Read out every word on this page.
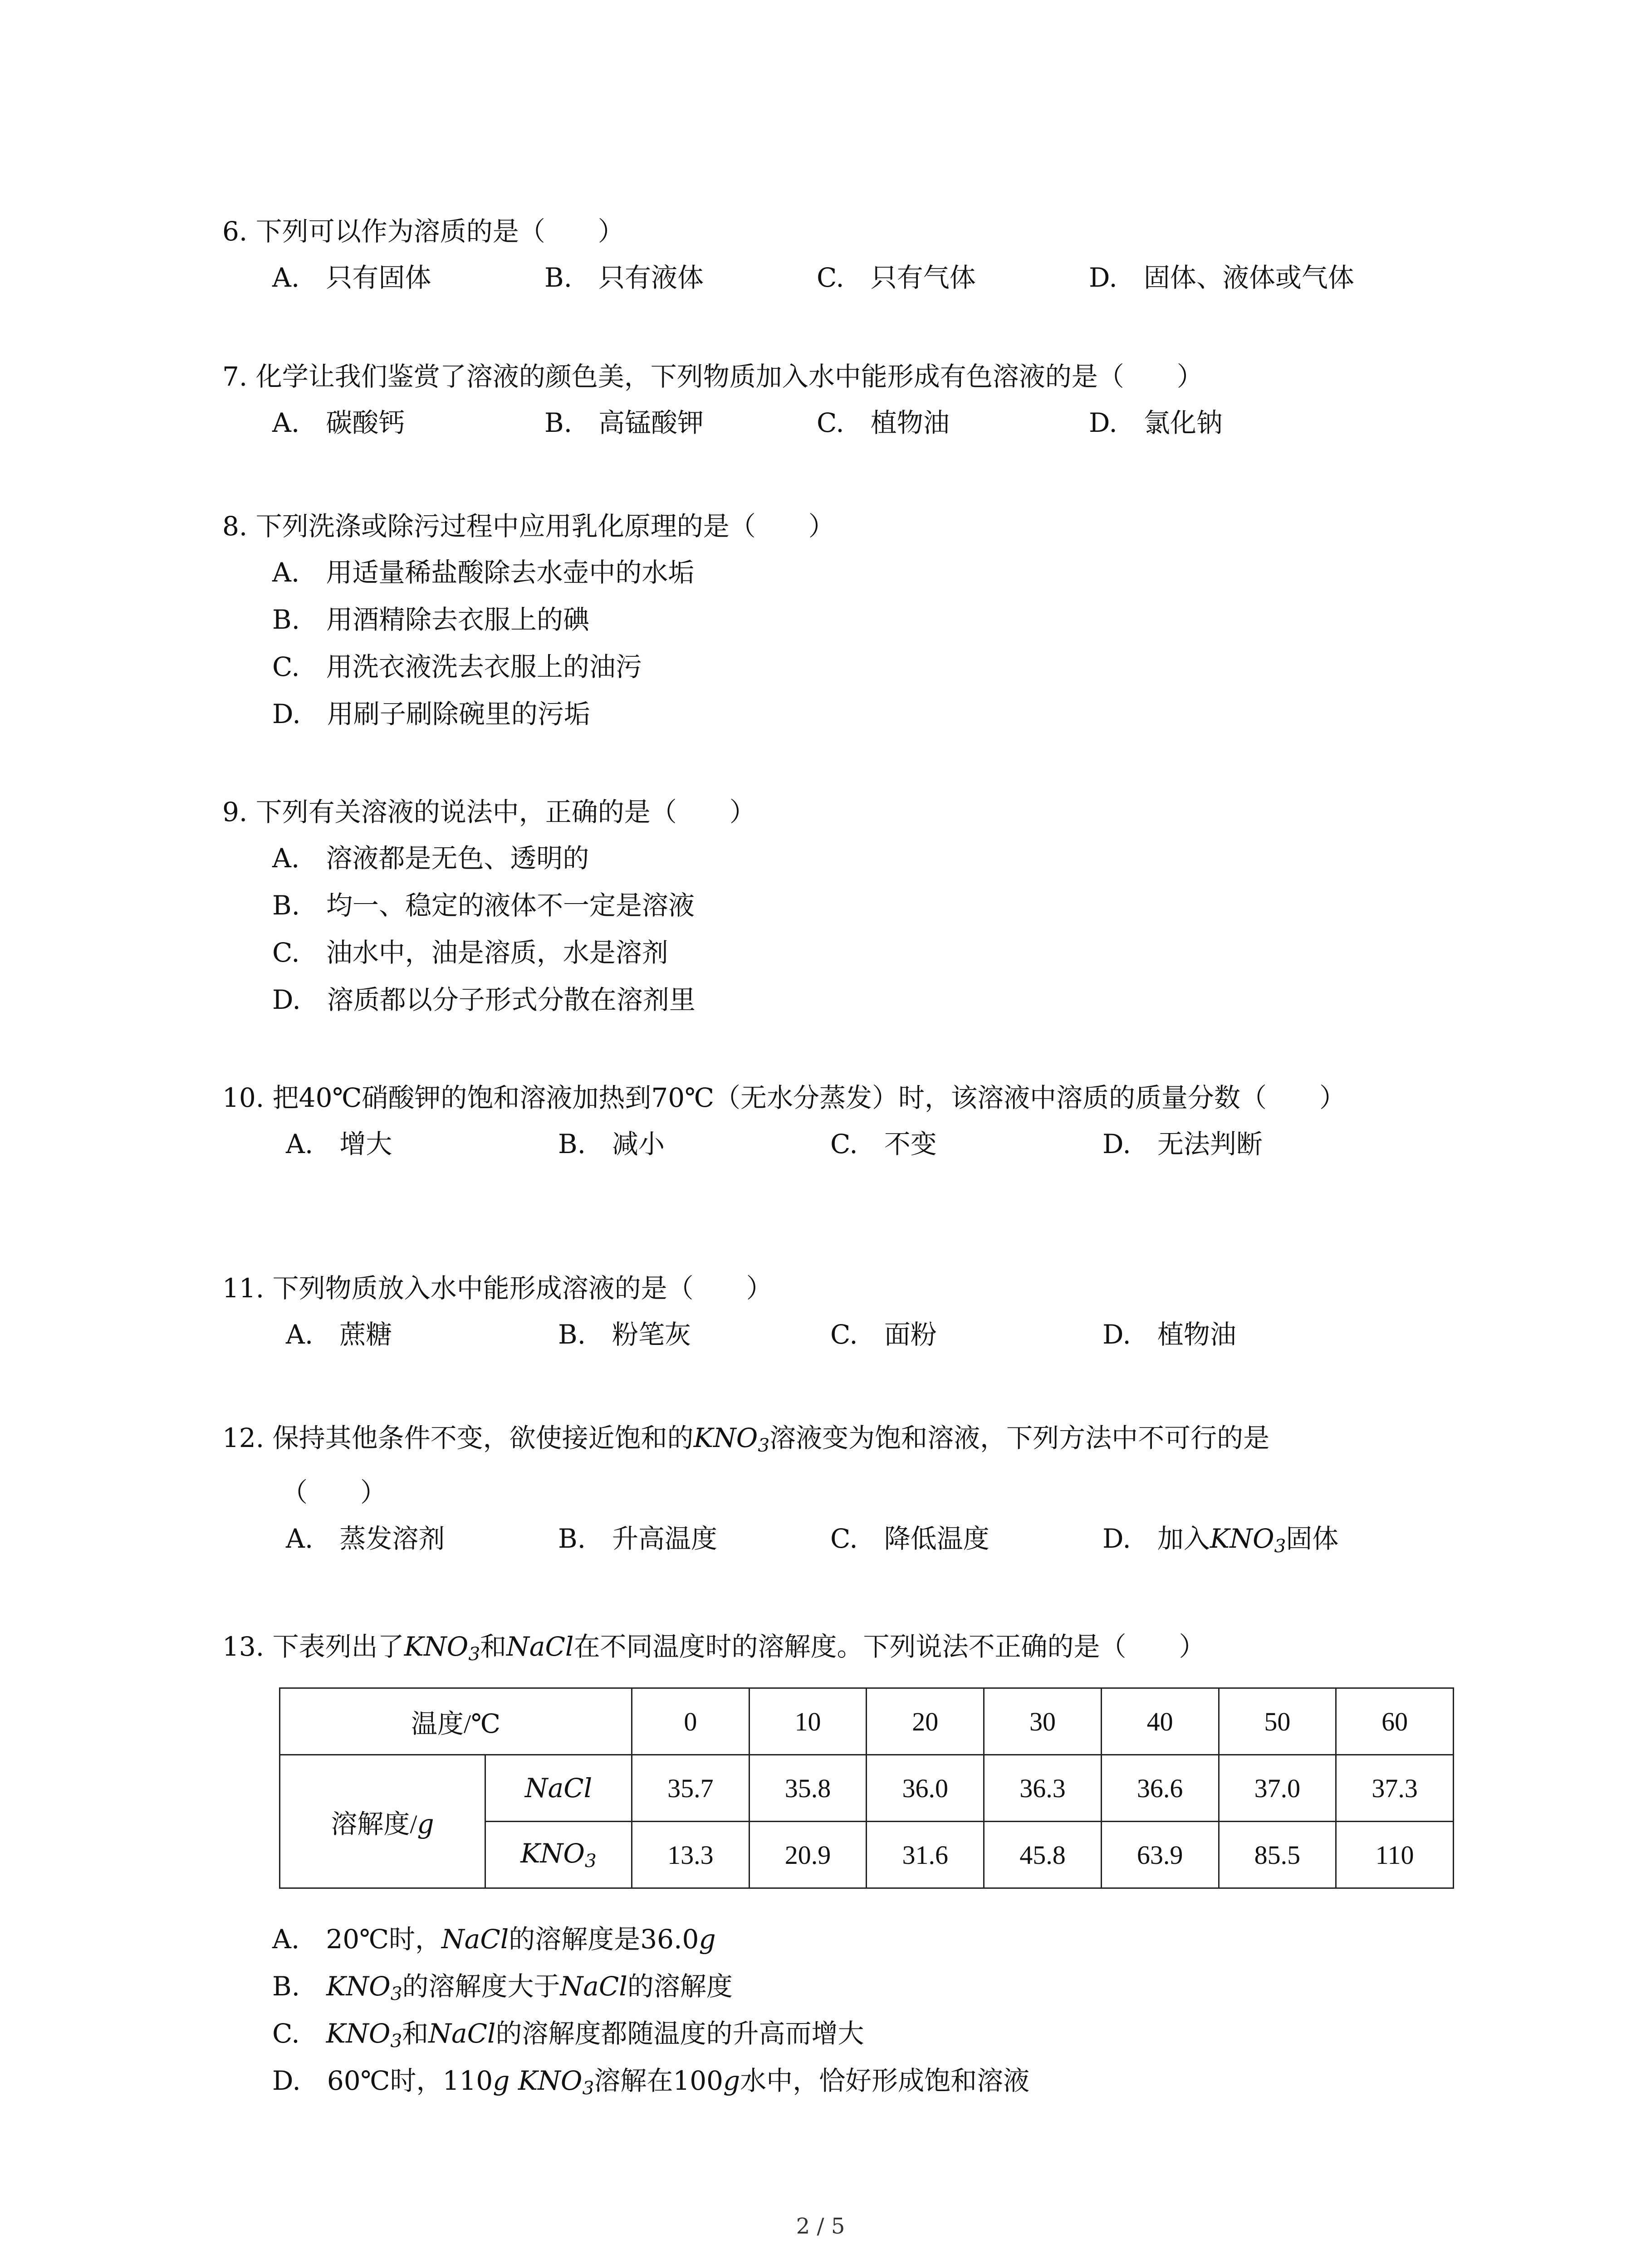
6. 下列可以作为溶质的是（　　）
A.　只有固体	B.　只有液体	C.　只有气体	D.　固体、液体或气体
7. 化学让我们鉴赏了溶液的颜色美，下列物质加入水中能形成有色溶液的是（　　）
A.　碳酸钙	B.　高锰酸钾	C.　植物油	D.　氯化钠
8. 下列洗涤或除污过程中应用乳化原理的是（　　）
A.　用适量稀盐酸除去水壶中的水垢
B.　用酒精除去衣服上的碘
C.　用洗衣液洗去衣服上的油污
D.　用刷子刷除碗里的污垢
9. 下列有关溶液的说法中，正确的是（　　）
A.　溶液都是无色、透明的
B.　均一、稳定的液体不一定是溶液
C.　油水中，油是溶质，水是溶剂
D.　溶质都以分子形式分散在溶剂里
10. 把40℃硝酸钾的饱和溶液加热到70℃（无水分蒸发）时，该溶液中溶质的质量分数（　　）
A.　增大	B.　减小	C.　不变	D.　无法判断
11. 下列物质放入水中能形成溶液的是（　　）
A.　蔗糖	B.　粉笔灰	C.　面粉	D.　植物油
12. 保持其他条件不变，欲使接近饱和的$KNO_3$溶液变为饱和溶液，下列方法中不可行的是
（　　）
A.　蒸发溶剂	B.　升高温度	C.　降低温度	D.　加入$KNO_3$固体
13. 下表列出了$KNO_3$和NaCl在不同温度时的溶解度。下列说法不正确的是（　　）
温度/℃		0	10	20	30	40	50	60
溶解度/g	NaCl	35.7	35.8	36.0	36.3	36.6	37.0	37.3
	$KNO_3$	13.3	20.9	31.6	45.8	63.9	85.5	110
A.　20℃时，NaCl的溶解度是36.0g
B.　$KNO_3$的溶解度大于NaCl的溶解度
C.　$KNO_3$和NaCl的溶解度都随温度的升高而增大
D.　60℃时，110g $KNO_3$溶解在100g水中，恰好形成饱和溶液
2 / 5
